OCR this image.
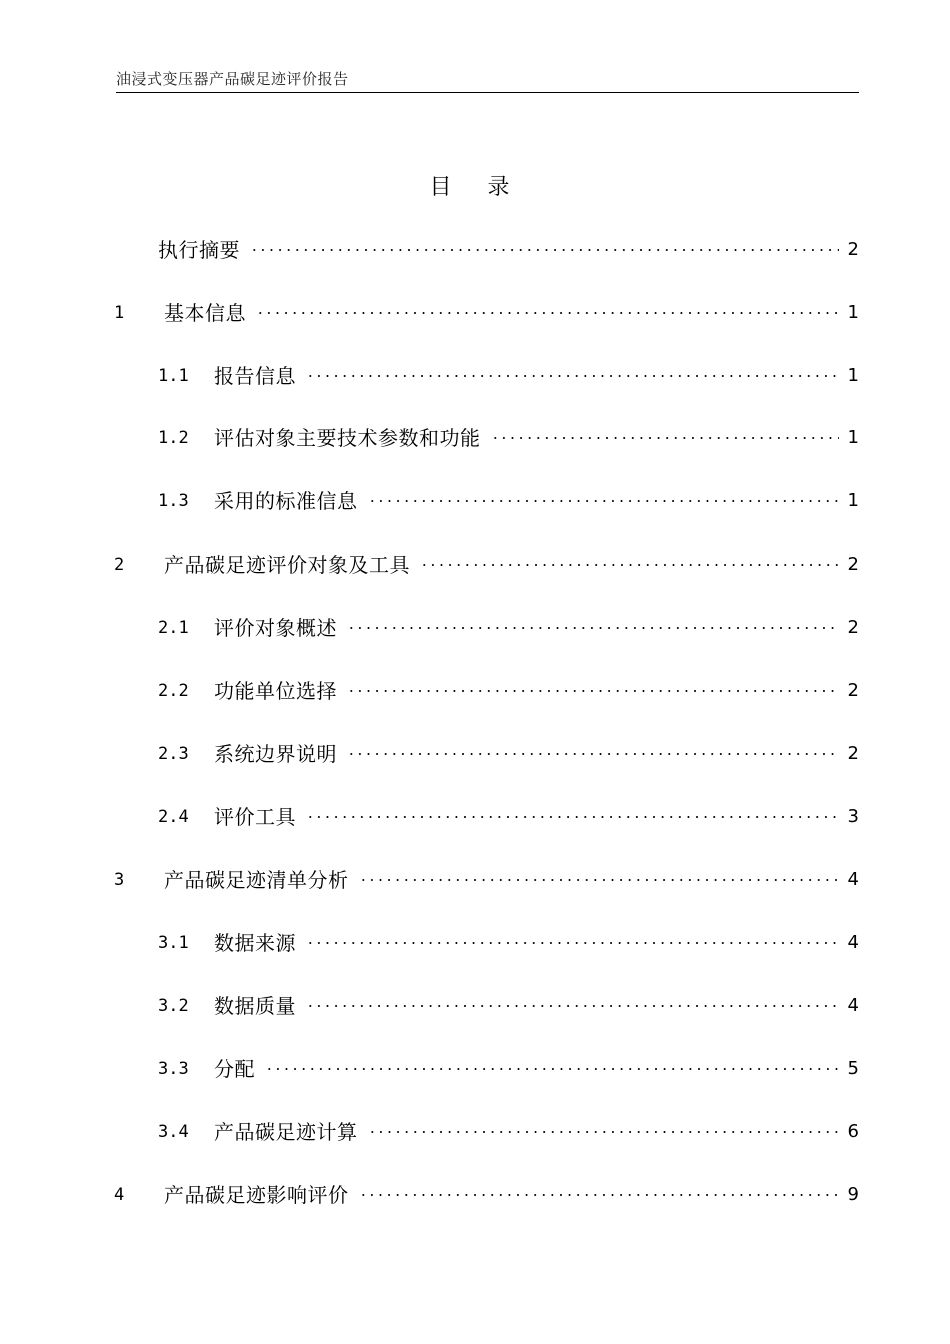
油浸式变压器产品碳足迹评价报告
目录
执行摘要	2
1	基本信息	1
1.1	报告信息	1
1.2	评估对象主要技术参数和功能	1
1.3	采用的标准信息	1
2	产品碳足迹评价对象及工具	2
2.1	评价对象概述	2
2.2	功能单位选择	2
2.3	系统边界说明	2
2.4	评价工具	3
3	产品碳足迹清单分析	4
3.1	数据来源	4
3.2	数据质量	4
3.3	分配	5
3.4	产品碳足迹计算	6
4	产品碳足迹影响评价	9
